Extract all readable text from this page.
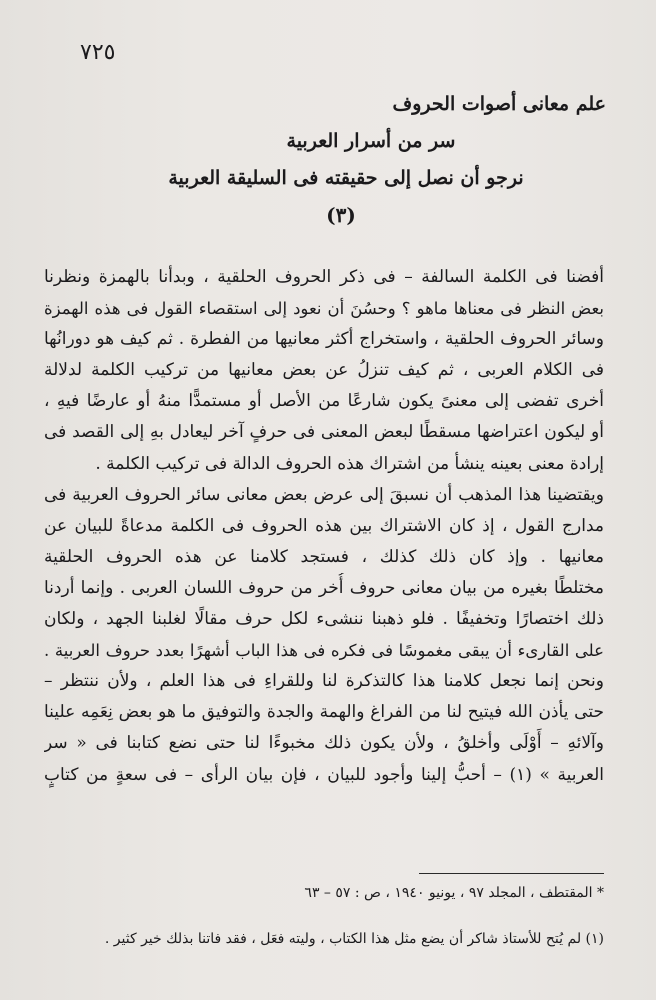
٧٢٥
علم معانى أصوات الحروف
سر من أسرار العربية
نرجو أن نصل إلى حقيقته فى السليقة العربية
(٣)
أفضنا فى الكلمة السالفة – فى ذكر الحروف الحلقية ، وبدأنا بالهمزة ونظرنا
بعض النظر فى معناها ماهو ؟ وحسُنَ أن نعود إلى استقصاء القول فى هذه الهمزة
وسائر الحروف الحلقية ، واستخراج أكثر معانيها من الفطرة . ثم كيف هو دورانُها
فى الكلام العربى ، ثم كيف تنزلُ عن بعض معانيها من تركيب الكلمة لدلالة
أخرى تفضى إلى معنىً يكون شارعًا من الأصل أو مستمدًّا منهُ أو عارضًا فيهِ ،
أو ليكون اعتراضها مسقطًا لبعض المعنى فى حرفٍ آخر ليعادل بهِ إلى القصد فى
إرادة معنى بعينه ينشأ من اشتراك هذه الحروف الدالة فى تركيب الكلمة .
ويقتضينا هذا المذهب أن نسبقَ إلى عرض بعض معانى سائر الحروف العربية فى
مدارج القول ، إذ كان الاشتراك بين هذه الحروف فى الكلمة مدعاةً للبيان عن
معانيها . وإذ كان ذلك كذلك ، فستجد كلامنا عن هذه الحروف الحلقية
مختلطًا بغيره من بيان معانى حروف أُخر من حروف اللسان العربى . وإنما أردنا
ذلك اختصارًا وتخفيفًا . فلو ذهبنا ننشىء لكل حرف مقالًا لغلبنا الجهد ، ولكان
على القارىء أن يبقى مغموسًا فى فكره فى هذا الباب أشهرًا بعدد حروف العربية .
ونحن إنما نجعل كلامنا هذا كالتذكرة لنا وللقراءِ فى هذا العلم ، ولأن ننتظر –
حتى يأذن الله فيتيح لنا من الفراغ والهمة والجدة والتوفيق ما هو بعض نِعَمِه علينا
وآلائهِ – أَوْلَى وأخلقُ ، ولأن يكون ذلك مخبوءًا لنا حتى نضع كتابنا فى « سر
العربية » (١) – أحبُّ إلينا وأجود للبيان ، فإن بيان الرأى – فى سعةٍ من كتابٍ
* المقتطف ، المجلد ٩٧ ، يونيو ١٩٤٠ ، ص : ٥٧ – ٦٣
(١) لم يُتح للأستاذ شاكر أن يضع مثل هذا الكتاب ، وليته فعَل ، فقد فاتنا بذلك خير كثير .
